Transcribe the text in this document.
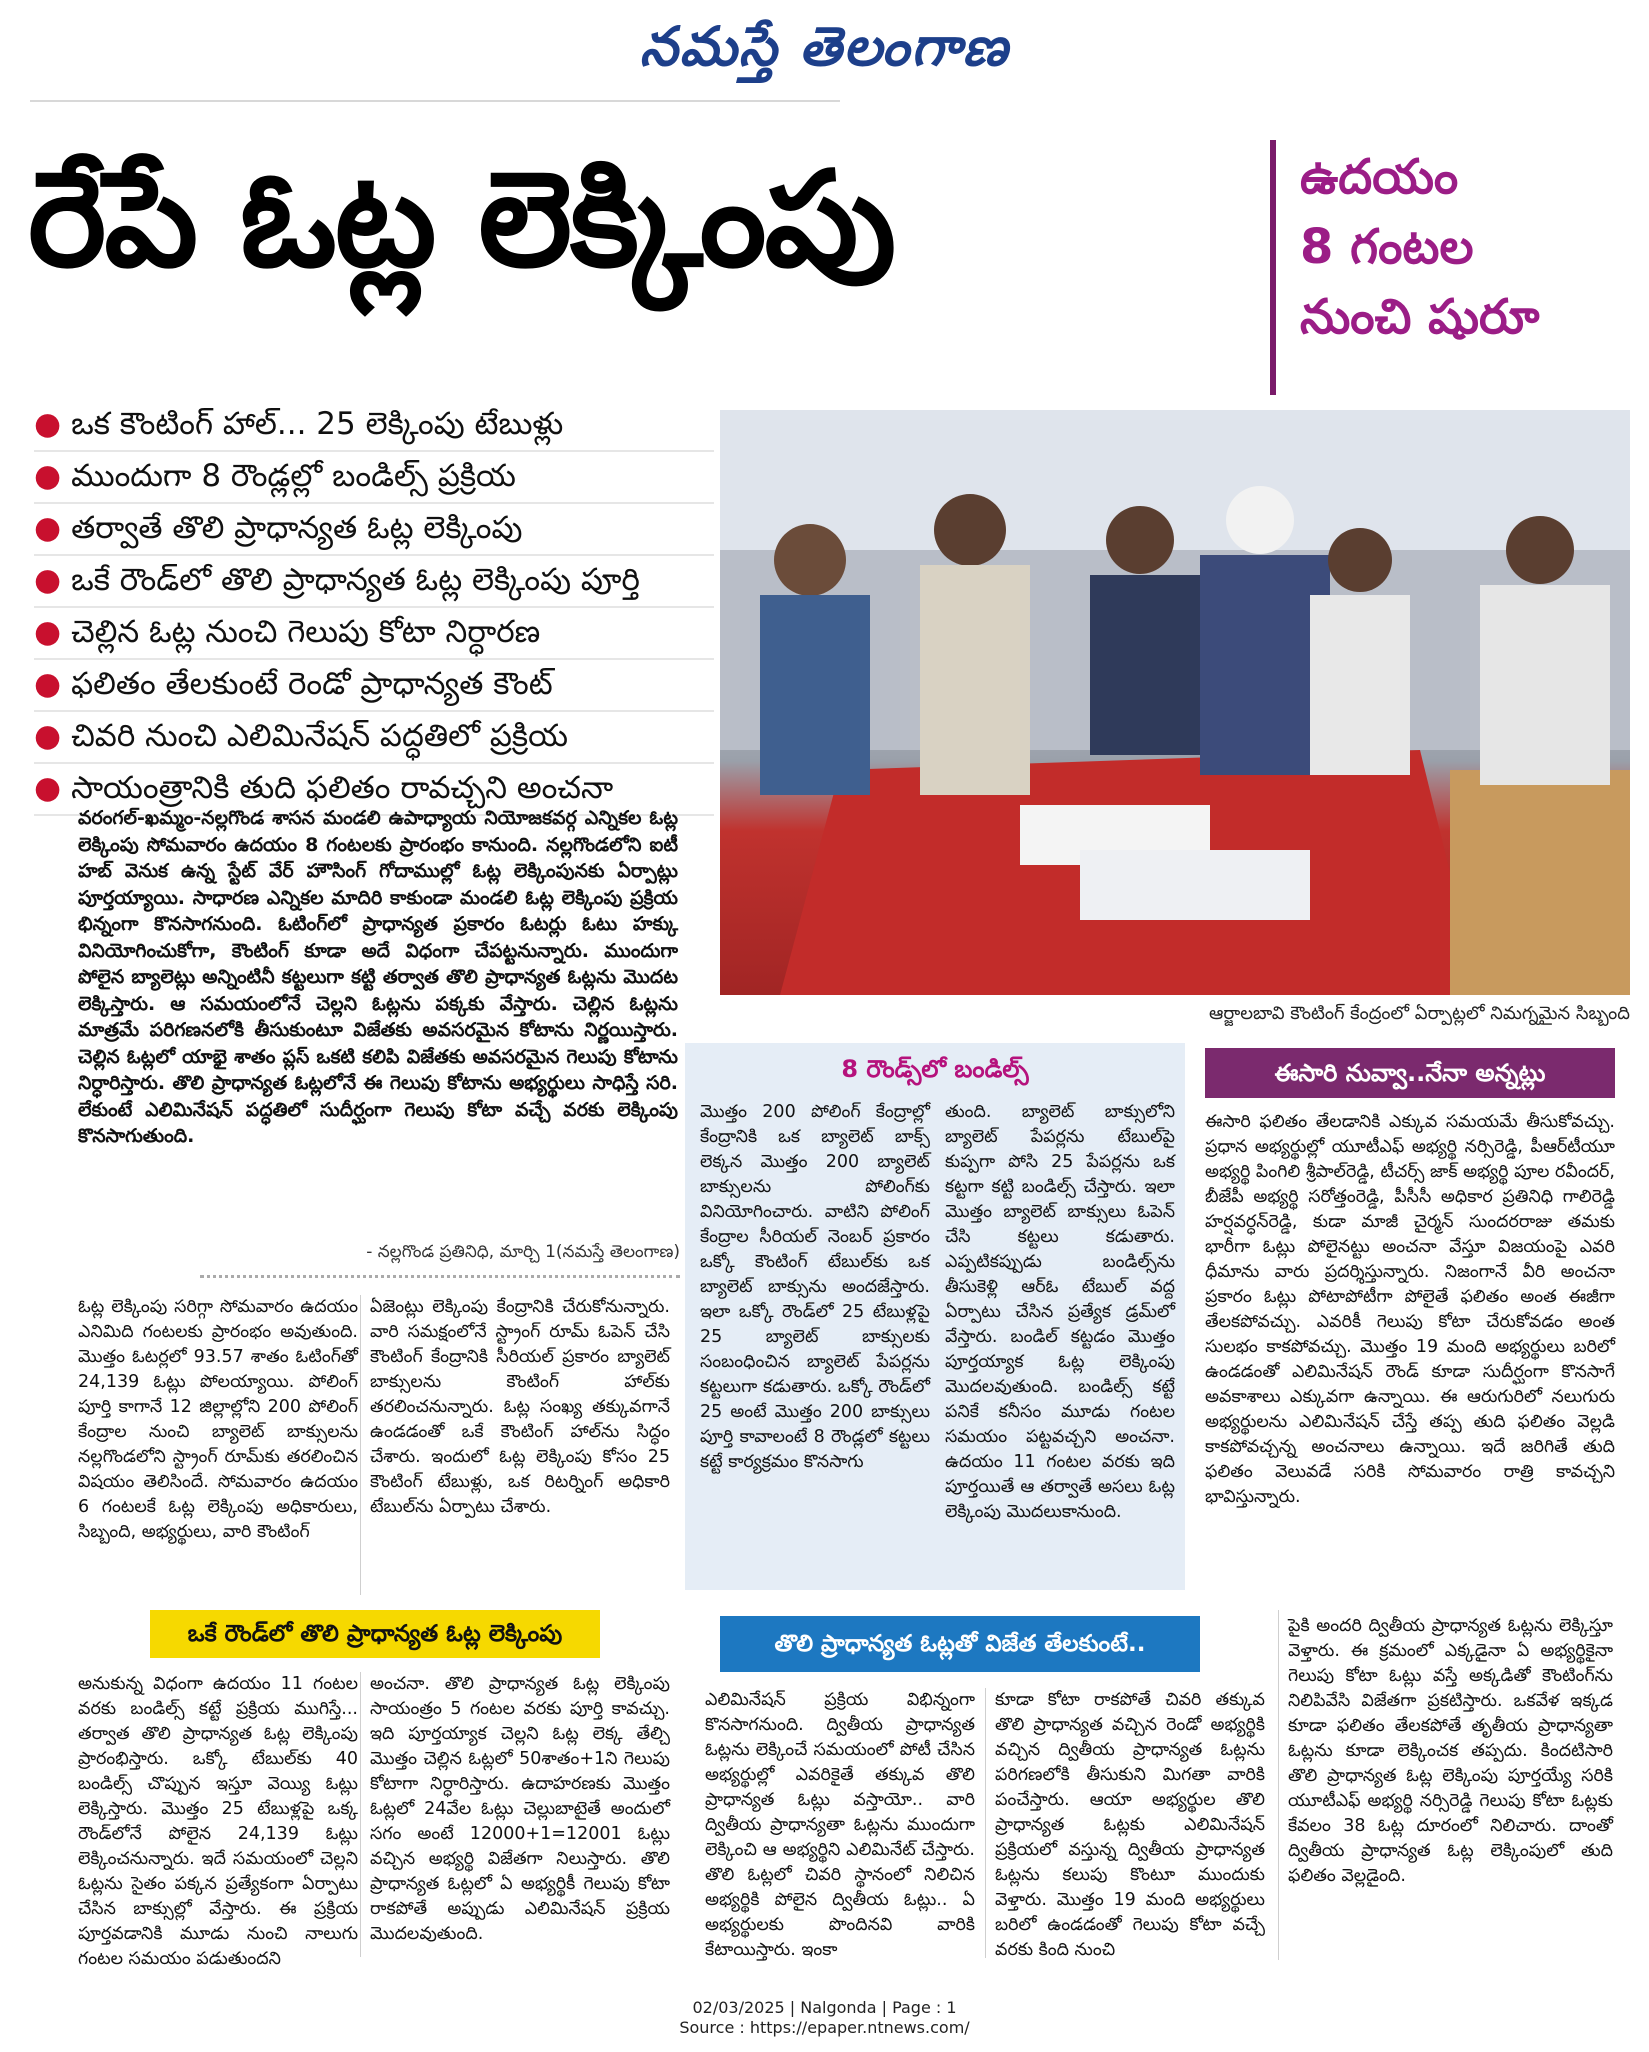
నమస్తే తెలంగాణ
రేపే ఓట్ల లెక్కింపు	ఉదయం
8 గంటల
నుంచి షురూ
● ఒక కౌంటింగ్ హాల్... 25 లెక్కింపు టేబుళ్లు
● ముందుగా 8 రౌండ్లల్లో బండిల్స్ ప్రక్రియ
● తర్వాతే తొలి ప్రాధాన్యత ఓట్ల లెక్కింపు
● ఒకే రౌండ్‌లో తొలి ప్రాధాన్యత ఓట్ల లెక్కింపు పూర్తి
● చెల్లిన ఓట్ల నుంచి గెలుపు కోటా నిర్ధారణ
● ఫలితం తేలకుంటే రెండో ప్రాధాన్యత కౌంట్
● చివరి నుంచి ఎలిమినేషన్ పద్ధతిలో ప్రక్రియ
● సాయంత్రానికి తుది ఫలితం రావచ్చని అంచనా
ఆర్జాలబావి కౌంటింగ్ కేంద్రంలో ఏర్పాట్లలో నిమగ్నమైన సిబ్బంది
వరంగల్-ఖమ్మం-నల్లగొండ శాసన మండలి ఉపాధ్యాయ నియోజకవర్గ ఎన్నికల ఓట్ల లెక్కింపు సోమవారం ఉదయం 8 గంటలకు ప్రారంభం కానుంది. నల్లగొండలోని ఐటీ హబ్ వెనుక ఉన్న స్టేట్ వేర్ హౌసింగ్ గోదాముల్లో ఓట్ల లెక్కింపునకు ఏర్పాట్లు పూర్తయ్యాయి. సాధారణ ఎన్నికల మాదిరి కాకుండా మండలి ఓట్ల లెక్కింపు ప్రక్రియ భిన్నంగా కొనసాగనుంది. ఓటింగ్‌లో ప్రాధాన్యత ప్రకారం ఓటర్లు ఓటు హక్కు వినియోగించుకోగా, కౌంటింగ్ కూడా అదే విధంగా చేపట్టనున్నారు. ముందుగా పోలైన బ్యాలెట్లు అన్నింటినీ కట్టలుగా కట్టి తర్వాత తొలి ప్రాధాన్యత ఓట్లను మొదట లెక్కిస్తారు. ఆ సమయంలోనే చెల్లని ఓట్లను పక్కకు వేస్తారు. చెల్లిన ఓట్లను మాత్రమే పరిగణనలోకి తీసుకుంటూ విజేతకు అవసరమైన కోటాను నిర్ణయిస్తారు. చెల్లిన ఓట్లలో యాభై శాతం ప్లస్ ఒకటి కలిపి విజేతకు అవసరమైన గెలుపు కోటాను నిర్ధారిస్తారు. తొలి ప్రాధాన్యత ఓట్లలోనే ఈ గెలుపు కోటాను అభ్యర్థులు సాధిస్తే సరి. లేకుంటే ఎలిమినేషన్ పద్ధతిలో సుదీర్ఘంగా గెలుపు కోటా వచ్చే వరకు లెక్కింపు కొనసాగుతుంది.
- నల్లగొండ ప్రతినిధి, మార్చి 1(నమస్తే తెలంగాణ)
ఓట్ల లెక్కింపు సరిగ్గా సోమవారం ఉదయం ఎనిమిది గంటలకు ప్రారంభం అవుతుంది. మొత్తం ఓటర్లలో 93.57 శాతం ఓటింగ్‌తో 24,139 ఓట్లు పోలయ్యాయి. పోలింగ్ పూర్తి కాగానే 12 జిల్లాల్లోని 200 పోలింగ్ కేంద్రాల నుంచి బ్యాలెట్ బాక్సులను నల్లగొండలోని స్ట్రాంగ్ రూమ్‌కు తరలించిన విషయం తెలిసిందే. సోమవారం ఉదయం 6 గంటలకే ఓట్ల లెక్కింపు అధికారులు, సిబ్బంది, అభ్యర్థులు, వారి కౌంటింగ్
ఏజెంట్లు లెక్కింపు కేంద్రానికి చేరుకోనున్నారు. వారి సమక్షంలోనే స్ట్రాంగ్ రూమ్ ఓపెన్ చేసి కౌంటింగ్ కేంద్రానికి సీరియల్ ప్రకారం బ్యాలెట్ బాక్సులను కౌంటింగ్ హాల్‌కు తరలించనున్నారు. ఓట్ల సంఖ్య తక్కువగానే ఉండడంతో ఒకే కౌంటింగ్ హాల్‌ను సిద్ధం చేశారు. ఇందులో ఓట్ల లెక్కింపు కోసం 25 కౌంటింగ్ టేబుళ్లు, ఒక రిటర్నింగ్ అధికారి టేబుల్‌ను ఏర్పాటు చేశారు.
8 రౌండ్స్‌లో బండిల్స్
మొత్తం 200 పోలింగ్ కేంద్రాల్లో కేంద్రానికి ఒక బ్యాలెట్ బాక్స్ లెక్కన మొత్తం 200 బ్యాలెట్ బాక్సులను పోలింగ్‌కు వినియోగించారు. వాటిని పోలింగ్ కేంద్రాల సీరియల్ నెంబర్ ప్రకారం ఒక్కో కౌంటింగ్ టేబుల్‌కు ఒక బ్యాలెట్ బాక్సును అందజేస్తారు. ఇలా ఒక్కో రౌండ్‌లో 25 టేబుళ్లపై 25 బ్యాలెట్ బాక్సులకు సంబంధించిన బ్యాలెట్ పేపర్లను కట్టలుగా కడుతారు. ఒక్కో రౌండ్‌లో 25 అంటే మొత్తం 200 బాక్సులు పూర్తి కావాలంటే 8 రౌండ్లలో కట్టలు కట్టే కార్యక్రమం కొనసాగు
తుంది. బ్యాలెట్ బాక్సులోని బ్యాలెట్ పేపర్లను టేబుల్‌పై కుప్పగా పోసి 25 పేపర్లను ఒక కట్టగా కట్టి బండిల్స్ చేస్తారు. ఇలా మొత్తం బ్యాలెట్ బాక్సులు ఓపెన్ చేసి కట్టలు కడుతారు. ఎప్పటికప్పుడు బండిల్స్‌ను తీసుకెళ్లి ఆర్‌ఓ టేబుల్ వద్ద ఏర్పాటు చేసిన ప్రత్యేక డ్రమ్‌లో వేస్తారు. బండిల్ కట్టడం మొత్తం పూర్తయ్యాక ఓట్ల లెక్కింపు మొదలవుతుంది. బండిల్స్ కట్టే పనికే కనీసం మూడు గంటల సమయం పట్టవచ్చని అంచనా. ఉదయం 11 గంటల వరకు ఇది పూర్తయితే ఆ తర్వాతే అసలు ఓట్ల లెక్కింపు మొదలుకానుంది.
ఈసారి నువ్వా..నేనా అన్నట్లు
ఈసారి ఫలితం తేలడానికి ఎక్కువ సమయమే తీసుకోవచ్చు. ప్రధాన అభ్యర్థుల్లో యూటీఎఫ్ అభ్యర్థి నర్సిరెడ్డి, పీఆర్‌టీయూ అభ్యర్థి పింగిలి శ్రీపాల్‌రెడ్డి, టీచర్స్ జాక్ అభ్యర్థి పూల రవీందర్, బీజేపీ అభ్యర్థి సరోత్తంరెడ్డి, పీసీసీ అధికార ప్రతినిధి గాలిరెడ్డి హర్షవర్ధన్‌రెడ్డి, కుడా మాజీ చైర్మన్ సుందరరాజు తమకు భారీగా ఓట్లు పోలైనట్టు అంచనా వేస్తూ విజయంపై ఎవరి ధీమాను వారు ప్రదర్శిస్తున్నారు. నిజంగానే వీరి అంచనా ప్రకారం ఓట్లు పోటాపోటీగా పోలైతే ఫలితం అంత ఈజీగా తేలకపోవచ్చు. ఎవరికీ గెలుపు కోటా చేరుకోవడం అంత సులభం కాకపోవచ్చు. మొత్తం 19 మంది అభ్యర్థులు బరిలో ఉండడంతో ఎలిమినేషన్ రౌండ్ కూడా సుదీర్ఘంగా కొనసాగే అవకాశాలు ఎక్కువగా ఉన్నాయి. ఈ ఆరుగురిలో నలుగురు అభ్యర్థులను ఎలిమినేషన్ చేస్తే తప్ప తుది ఫలితం వెల్లడి కాకపోవచ్చన్న అంచనాలు ఉన్నాయి. ఇదే జరిగితే తుది ఫలితం వెలువడే సరికి సోమవారం రాత్రి కావచ్చని భావిస్తున్నారు.
ఒకే రౌండ్‌లో తొలి ప్రాధాన్యత ఓట్ల లెక్కింపు
అనుకున్న విధంగా ఉదయం 11 గంటల వరకు బండిల్స్ కట్టే ప్రక్రియ ముగిస్తే... తర్వాత తొలి ప్రాధాన్యత ఓట్ల లెక్కింపు ప్రారంభిస్తారు. ఒక్కో టేబుల్‌కు 40 బండిల్స్ చొప్పున ఇస్తూ వెయ్యి ఓట్లు లెక్కిస్తారు. మొత్తం 25 టేబుళ్లపై ఒక్క రౌండ్‌లోనే పోలైన 24,139 ఓట్లు లెక్కించనున్నారు. ఇదే సమయంలో చెల్లని ఓట్లను సైతం పక్కన ప్రత్యేకంగా ఏర్పాటు చేసిన బాక్సుల్లో వేస్తారు. ఈ ప్రక్రియ పూర్తవడానికి మూడు నుంచి నాలుగు గంటల సమయం పడుతుందని
అంచనా. తొలి ప్రాధాన్యత ఓట్ల లెక్కింపు సాయంత్రం 5 గంటల వరకు పూర్తి కావచ్చు. ఇది పూర్తయ్యాక చెల్లని ఓట్ల లెక్క తేల్చి మొత్తం చెల్లిన ఓట్లలో 50శాతం+1ని గెలుపు కోటాగా నిర్ధారిస్తారు. ఉదాహరణకు మొత్తం ఓట్లలో 24వేల ఓట్లు చెల్లుబాటైతే అందులో సగం అంటే 12000+1=12001 ఓట్లు వచ్చిన అభ్యర్థి విజేతగా నిలుస్తారు. తొలి ప్రాధాన్యత ఓట్లలో ఏ అభ్యర్థికీ గెలుపు కోటా రాకపోతే అప్పుడు ఎలిమినేషన్ ప్రక్రియ మొదలవుతుంది.
తొలి ప్రాధాన్యత ఓట్లతో విజేత తేలకుంటే..
ఎలిమినేషన్ ప్రక్రియ విభిన్నంగా కొనసాగనుంది. ద్వితీయ ప్రాధాన్యత ఓట్లను లెక్కించే సమయంలో పోటీ చేసిన అభ్యర్థుల్లో ఎవరికైతే తక్కువ తొలి ప్రాధాన్యత ఓట్లు వస్తాయో.. వారి ద్వితీయ ప్రాధాన్యతా ఓట్లను ముందుగా లెక్కించి ఆ అభ్యర్థిని ఎలిమినేట్ చేస్తారు. తొలి ఓట్లలో చివరి స్థానంలో నిలిచిన అభ్యర్థికి పోలైన ద్వితీయ ఓట్లు.. ఏ అభ్యర్థులకు పొందినవి వారికి కేటాయిస్తారు. ఇంకా
కూడా కోటా రాకపోతే చివరి తక్కువ తొలి ప్రాధాన్యత వచ్చిన రెండో అభ్యర్థికి వచ్చిన ద్వితీయ ప్రాధాన్యత ఓట్లను పరిగణలోకి తీసుకుని మిగతా వారికి పంచేస్తారు. ఆయా అభ్యర్థుల తొలి ప్రాధాన్యత ఓట్లకు ఎలిమినేషన్ ప్రక్రియలో వస్తున్న ద్వితీయ ప్రాధాన్యత ఓట్లను కలుపు కొంటూ ముందుకు వెళ్తారు. మొత్తం 19 మంది అభ్యర్థులు బరిలో ఉండడంతో గెలుపు కోటా వచ్చే వరకు కింది నుంచి
పైకి అందరి ద్వితీయ ప్రాధాన్యత ఓట్లను లెక్కిస్తూ వెళ్తారు. ఈ క్రమంలో ఎక్కడైనా ఏ అభ్యర్థికైనా గెలుపు కోటా ఓట్లు వస్తే అక్కడితో కౌంటింగ్‌ను నిలిపివేసి విజేతగా ప్రకటిస్తారు. ఒకవేళ ఇక్కడ కూడా ఫలితం తేలకపోతే తృతీయ ప్రాధాన్యతా ఓట్లను కూడా లెక్కించక తప్పదు. కిందటిసారి తొలి ప్రాధాన్యత ఓట్ల లెక్కింపు పూర్తయ్యే సరికి యూటీఎఫ్ అభ్యర్థి నర్సిరెడ్డి గెలుపు కోటా ఓట్లకు కేవలం 38 ఓట్ల దూరంలో నిలిచారు. దాంతో ద్వితీయ ప్రాధాన్యత ఓట్ల లెక్కింపులో తుది ఫలితం వెల్లడైంది.
02/03/2025 | Nalgonda | Page : 1
Source : https://epaper.ntnews.com/
